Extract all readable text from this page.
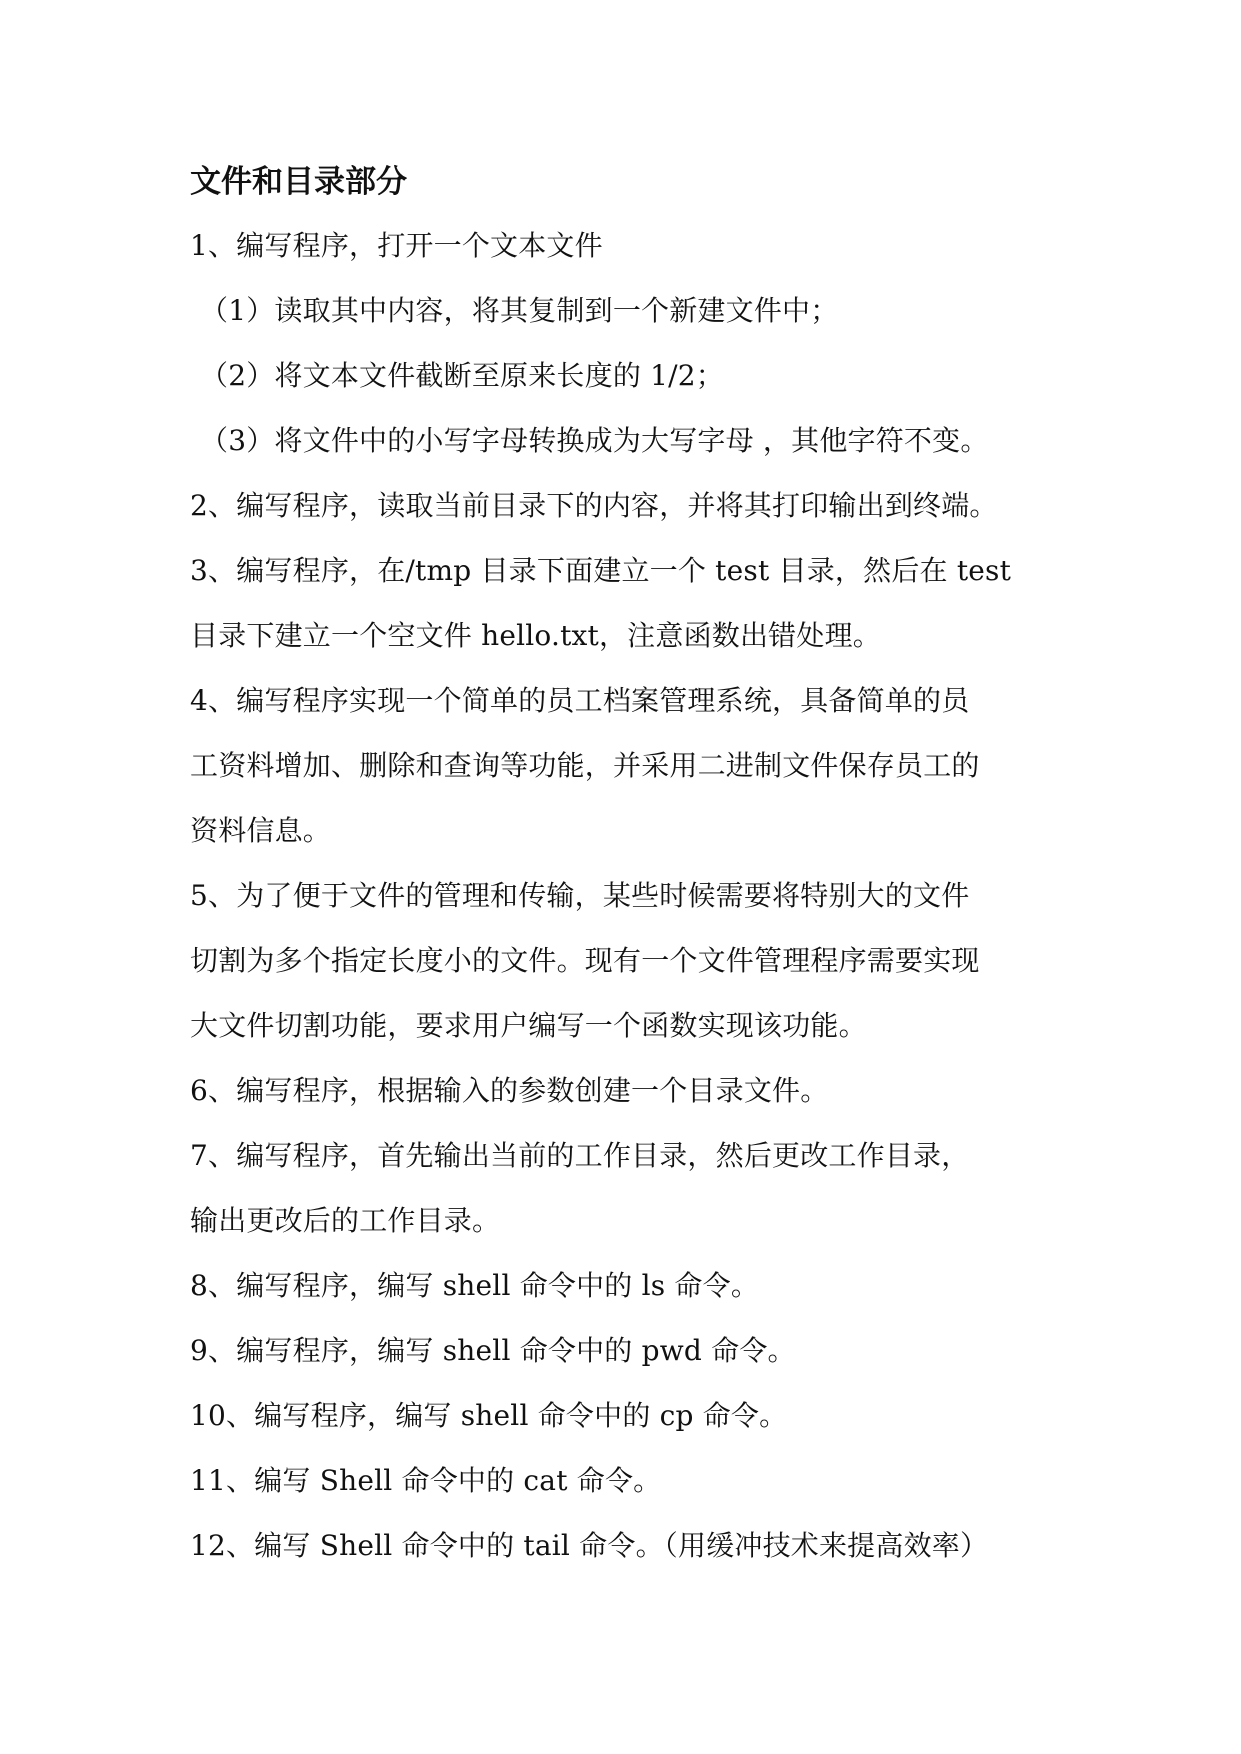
文件和目录部分
1、编写程序，打开一个文本文件
（1）读取其中内容，将其复制到一个新建文件中；
（2）将文本文件截断至原来长度的 1/2；
（3）将文件中的小写字母转换成为大写字母 ，其他字符不变。
2、编写程序，读取当前目录下的内容，并将其打印输出到终端。
3、编写程序，在/tmp 目录下面建立一个 test 目录，然后在 test
目录下建立一个空文件 hello.txt，注意函数出错处理。
4、编写程序实现一个简单的员工档案管理系统，具备简单的员
工资料增加、删除和查询等功能，并采用二进制文件保存员工的
资料信息。
5、为了便于文件的管理和传输，某些时候需要将特别大的文件
切割为多个指定长度小的文件。现有一个文件管理程序需要实现
大文件切割功能，要求用户编写一个函数实现该功能。
6、编写程序，根据输入的参数创建一个目录文件。
7、编写程序，首先输出当前的工作目录，然后更改工作目录，
输出更改后的工作目录。
8、编写程序，编写 shell 命令中的 ls 命令。
9、编写程序，编写 shell 命令中的 pwd 命令。
10、编写程序，编写 shell 命令中的 cp 命令。
11、编写 Shell 命令中的 cat 命令。
12、编写 Shell 命令中的 tail 命令。（用缓冲技术来提高效率）
